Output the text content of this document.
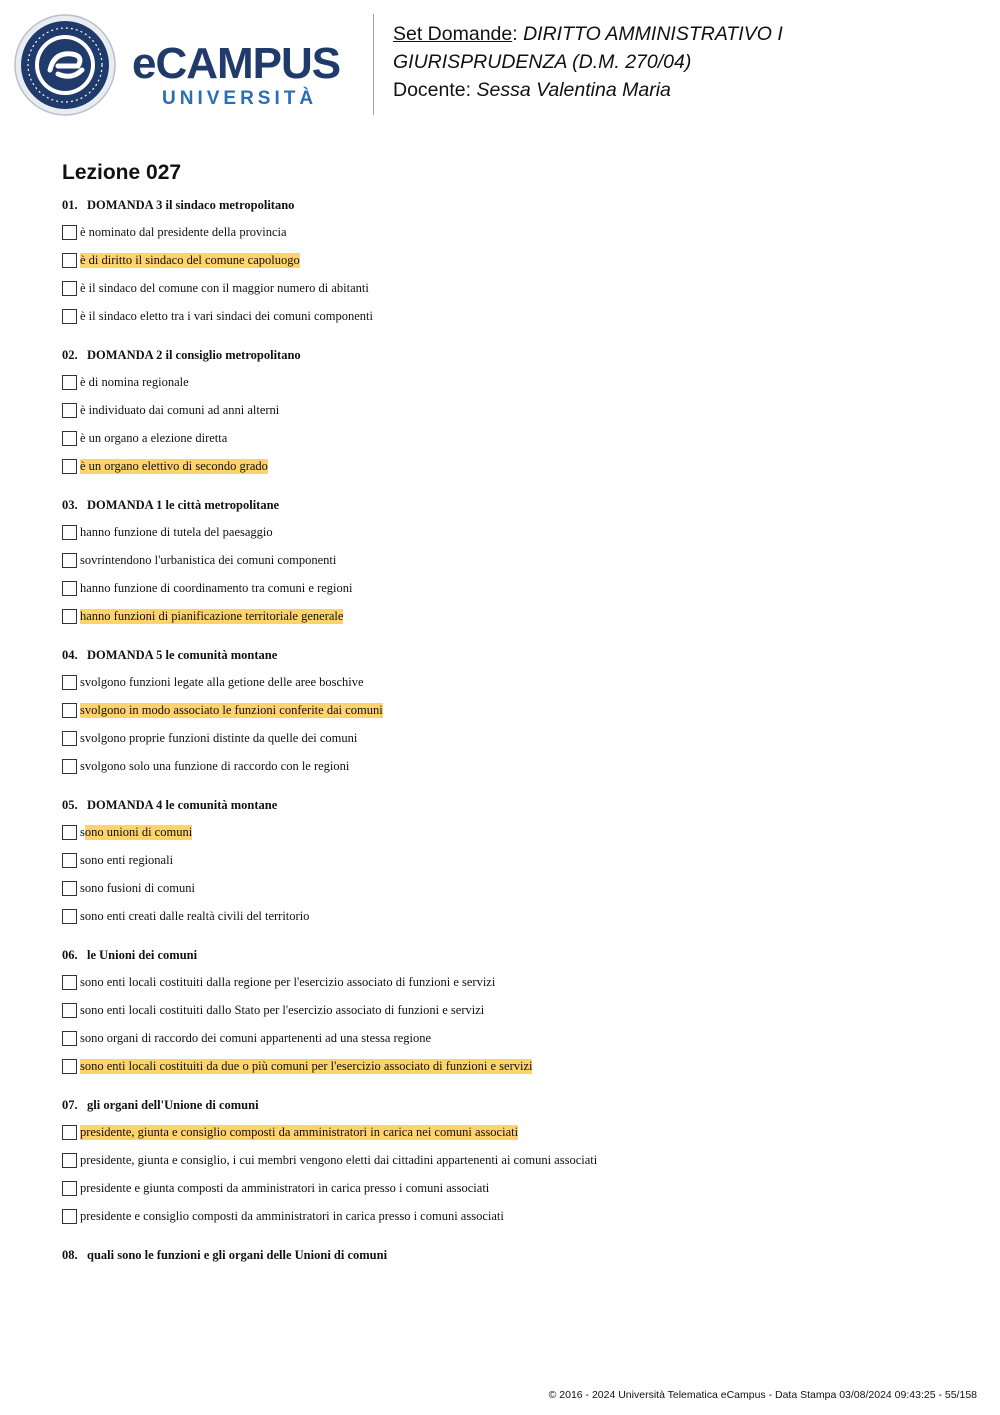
eCAMPUS
UNIVERSITÀ
Set Domande: DIRITTO AMMINISTRATIVO I
GIURISPRUDENZA (D.M. 270/04)
Docente: Sessa Valentina Maria
Lezione 027
01. DOMANDA 3 il sindaco metropolitano
è nominato dal presidente della provincia
è di diritto il sindaco del comune capoluogo
è il sindaco del comune con il maggior numero di abitanti
è il sindaco eletto tra i vari sindaci dei comuni componenti
02. DOMANDA 2 il consiglio metropolitano
è di nomina regionale
è individuato dai comuni ad anni alterni
è un organo a elezione diretta
è un organo elettivo di secondo grado
03. DOMANDA 1 le città metropolitane
hanno funzione di tutela del paesaggio
sovrintendono l'urbanistica dei comuni componenti
hanno funzione di coordinamento tra comuni e regioni
hanno funzioni di pianificazione territoriale generale
04. DOMANDA 5 le comunità montane
svolgono funzioni legate alla getione delle aree boschive
svolgono in modo associato le funzioni conferite dai comuni
svolgono proprie funzioni distinte da quelle dei comuni
svolgono solo una funzione di raccordo con le regioni
05. DOMANDA 4 le comunità montane
s ono unioni di comuni
sono enti regionali
sono fusioni di comuni
sono enti creati dalle realtà civili del territorio
06. le Unioni dei comuni
sono enti locali costituiti dalla regione per l'esercizio associato di funzioni e servizi
sono enti locali costituiti dallo Stato per l'esercizio associato di funzioni e servizi
sono organi di raccordo dei comuni appartenenti ad una stessa regione
sono enti locali costituiti da due o più comuni per l'esercizio associato di funzioni e servizi
07. gli organi dell'Unione di comuni
presidente, giunta e consiglio composti da amministratori in carica nei comuni associati
presidente, giunta e consiglio, i cui membri vengono eletti dai cittadini appartenenti ai comuni associati
presidente e giunta composti da amministratori in carica presso i comuni associati
presidente e consiglio composti da amministratori in carica presso i comuni associati
08. quali sono le funzioni e gli organi delle Unioni di comuni
© 2016 - 2024 Università Telematica eCampus - Data Stampa 03/08/2024 09:43:25 - 55/158
